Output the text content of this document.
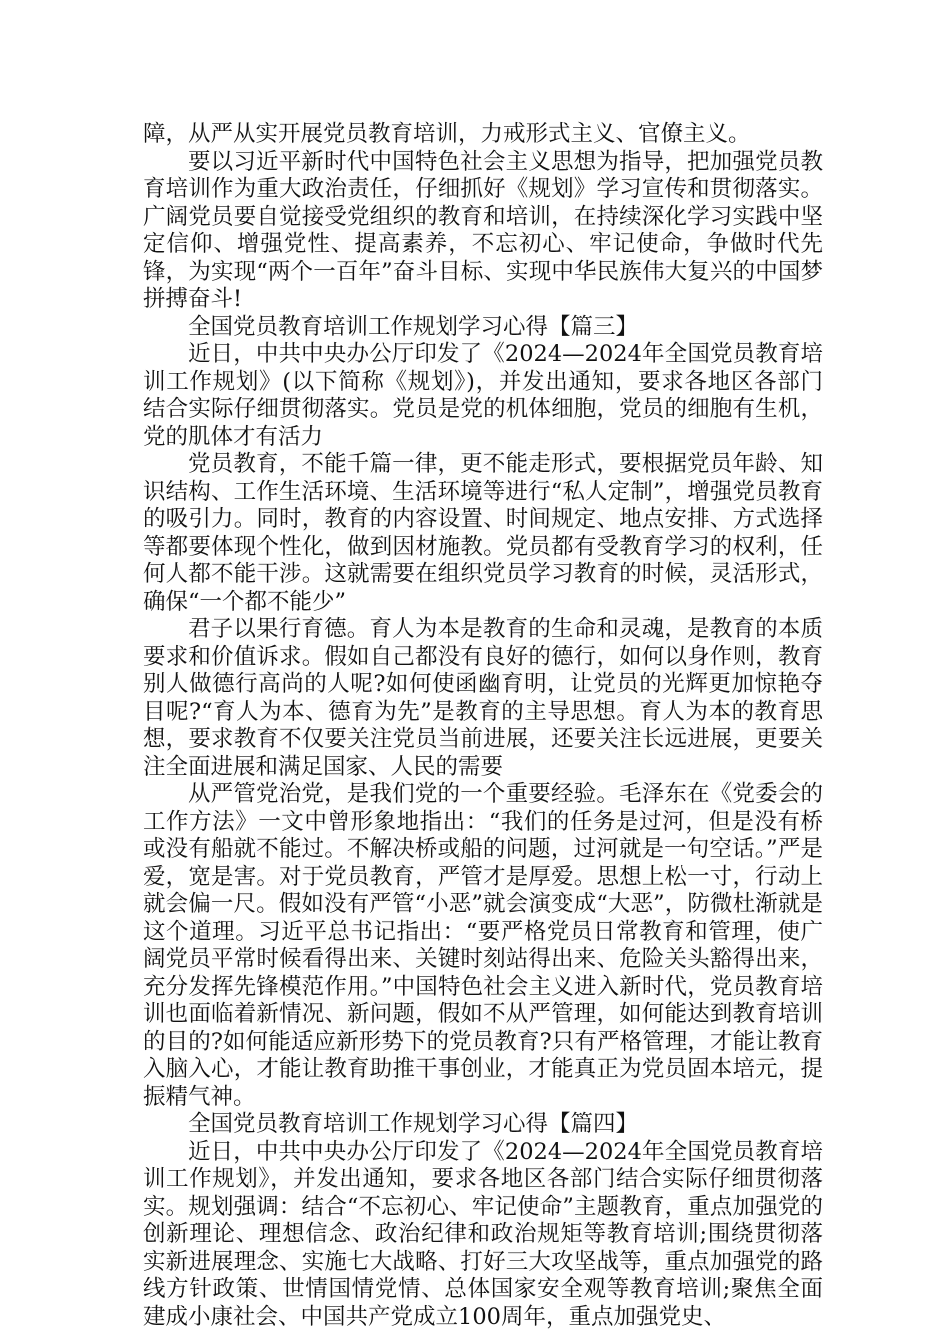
障，从严从实开展党员教育培训，力戒形式主义、官僚主义。

要以习近平新时代中国特色社会主义思想为指导，把加强党员教育培训作为重大政治责任，仔细抓好《规划》学习宣传和贯彻落实。广阔党员要自觉接受党组织的教育和培训，在持续深化学习实践中坚定信仰、增强党性、提高素养，不忘初心、牢记使命，争做时代先锋，为实现“两个一百年”奋斗目标、实现中华民族伟大复兴的中国梦拼搏奋斗!

全国党员教育培训工作规划学习心得【篇三】

近日，中共中央办公厅印发了《2024—2024年全国党员教育培训工作规划》(以下简称《规划》)，并发出通知，要求各地区各部门结合实际仔细贯彻落实。党员是党的机体细胞，党员的细胞有生机，党的肌体才有活力

党员教育，不能千篇一律，更不能走形式，要根据党员年龄、知识结构、工作生活环境、生活环境等进行“私人定制”，增强党员教育的吸引力。同时，教育的内容设置、时间规定、地点安排、方式选择等都要体现个性化，做到因材施教。党员都有受教育学习的权利，任何人都不能干涉。这就需要在组织党员学习教育的时候，灵活形式，确保“一个都不能少”

君子以果行育德。育人为本是教育的生命和灵魂，是教育的本质要求和价值诉求。假如自己都没有良好的德行，如何以身作则，教育别人做德行高尚的人呢?如何使函幽育明，让党员的光辉更加惊艳夺目呢?“育人为本、德育为先”是教育的主导思想。育人为本的教育思想，要求教育不仅要关注党员当前进展，还要关注长远进展，更要关注全面进展和满足国家、人民的需要

从严管党治党，是我们党的一个重要经验。毛泽东在《党委会的工作方法》一文中曾形象地指出：“我们的任务是过河，但是没有桥或没有船就不能过。不解决桥或船的问题，过河就是一句空话。”严是爱，宽是害。对于党员教育，严管才是厚爱。思想上松一寸，行动上就会偏一尺。假如没有严管“小恶”就会演变成“大恶”，防微杜渐就是这个道理。习近平总书记指出：“要严格党员日常教育和管理，使广阔党员平常时候看得出来、关键时刻站得出来、危险关头豁得出来，充分发挥先锋模范作用。”中国特色社会主义进入新时代，党员教育培训也面临着新情况、新问题，假如不从严管理，如何能达到教育培训的目的?如何能适应新形势下的党员教育?只有严格管理，才能让教育入脑入心，才能让教育助推干事创业，才能真正为党员固本培元，提振精气神。

全国党员教育培训工作规划学习心得【篇四】

近日，中共中央办公厅印发了《2024—2024年全国党员教育培训工作规划》，并发出通知，要求各地区各部门结合实际仔细贯彻落实。规划强调：结合“不忘初心、牢记使命”主题教育，重点加强党的创新理论、理想信念、政治纪律和政治规矩等教育培训;围绕贯彻落实新进展理念、实施七大战略、打好三大攻坚战等，重点加强党的路线方针政策、世情国情党情、总体国家安全观等教育培训;聚焦全面建成小康社会、中国共产党成立100周年，重点加强党史、
